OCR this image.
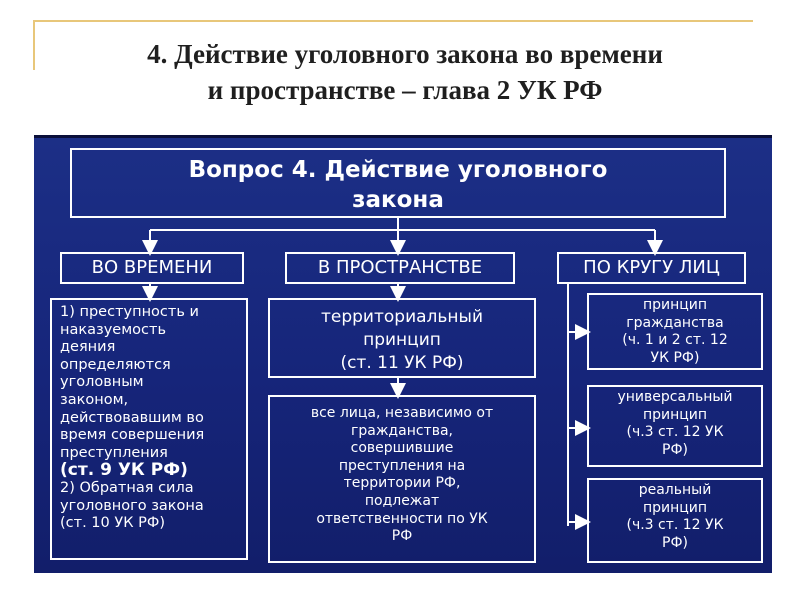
4. Действие уголовного закона во времени
и пространстве – глава 2 УК РФ
Вопрос 4. Действие уголовного
закона
ВО ВРЕМЕНИ	В ПРОСТРАНСТВЕ	ПО КРУГУ ЛИЦ
1) преступность и
наказуемость
деяния
определяются
уголовным
законом,
действовавшим во
время совершения
преступления
(ст. 9 УК РФ)
2) Обратная сила
уголовного закона
(ст. 10 УК РФ)
территориальный
принцип
(ст. 11 УК РФ)
все лица, независимо от
гражданства,
совершившие
преступления на
территории РФ,
подлежат
ответственности по УК
РФ
принцип
гражданства
(ч. 1 и 2 ст. 12
УК РФ)
универсальный
принцип
(ч.3 ст. 12 УК
РФ)
реальный
принцип
(ч.3 ст. 12 УК
РФ)
